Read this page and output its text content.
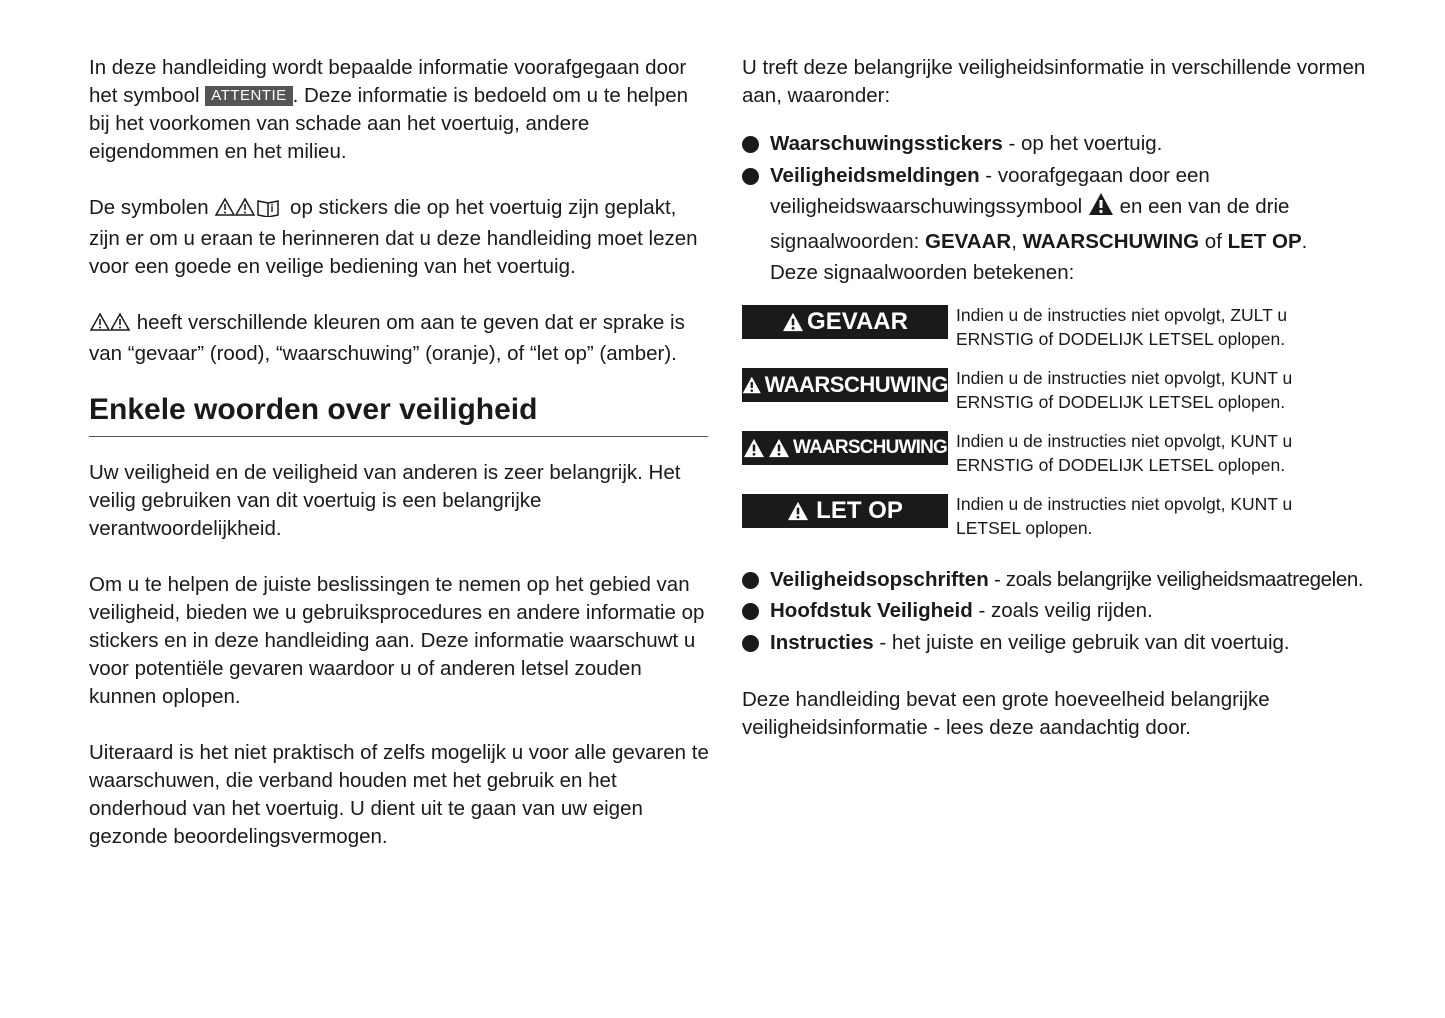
In deze handleiding wordt bepaalde informatie voorafgegaan door het symbool ATTENTIE . Deze informatie is bedoeld om u te helpen bij het voorkomen van schade aan het voertuig, andere eigendommen en het milieu.

De symbolen	op stickers die op het voertuig zijn geplakt, zijn er om u eraan te herinneren dat u deze handleiding moet lezen voor een goede en veilige bediening van het voertuig.

heeft verschillende kleuren om aan te geven dat er sprake is van “gevaar” (rood), “waarschuwing” (oranje), of “let op” (amber).

Enkele woorden over veiligheid

Uw veiligheid en de veiligheid van anderen is zeer belangrijk. Het veilig gebruiken van dit voertuig is een belangrijke verantwoordelijkheid.

Om u te helpen de juiste beslissingen te nemen op het gebied van veiligheid, bieden we u gebruiksprocedures en andere informatie op stickers en in deze handleiding aan. Deze informatie waarschuwt u voor potentiële gevaren waardoor u of anderen letsel zouden kunnen oplopen.

Uiteraard is het niet praktisch of zelfs mogelijk u voor alle gevaren te waarschuwen, die verband houden met het gebruik en het onderhoud van het voertuig. U dient uit te gaan van uw eigen gezonde beoordelingsvermogen.

U treft deze belangrijke veiligheidsinformatie in verschillende vormen aan, waaronder:

Waarschuwingsstickers - op het voertuig.
Veiligheidsmeldingen - voorafgegaan door een veiligheidswaarschuwingssymbool  en een van de drie signaalwoorden: GEVAAR, WAARSCHUWING of LET OP.
Deze signaalwoorden betekenen:
GEVAAR	Indien u de instructies niet opvolgt, ZULT u ERNSTIG of DODELIJK LETSEL oplopen.
WAARSCHUWING Indien u de instructies niet opvolgt, KUNT u ERNSTIG of DODELIJK LETSEL oplopen.
WAARSCHUWING Indien u de instructies niet opvolgt, KUNT u ERNSTIG of DODELIJK LETSEL oplopen.
LET OP	Indien u de instructies niet opvolgt, KUNT u LETSEL oplopen.
Veiligheidsopschriften - zoals belangrijke veiligheidsmaatregelen.
Hoofdstuk Veiligheid - zoals veilig rijden.
Instructies - het juiste en veilige gebruik van dit voertuig.

Deze handleiding bevat een grote hoeveelheid belangrijke veiligheidsinformatie - lees deze aandachtig door.
